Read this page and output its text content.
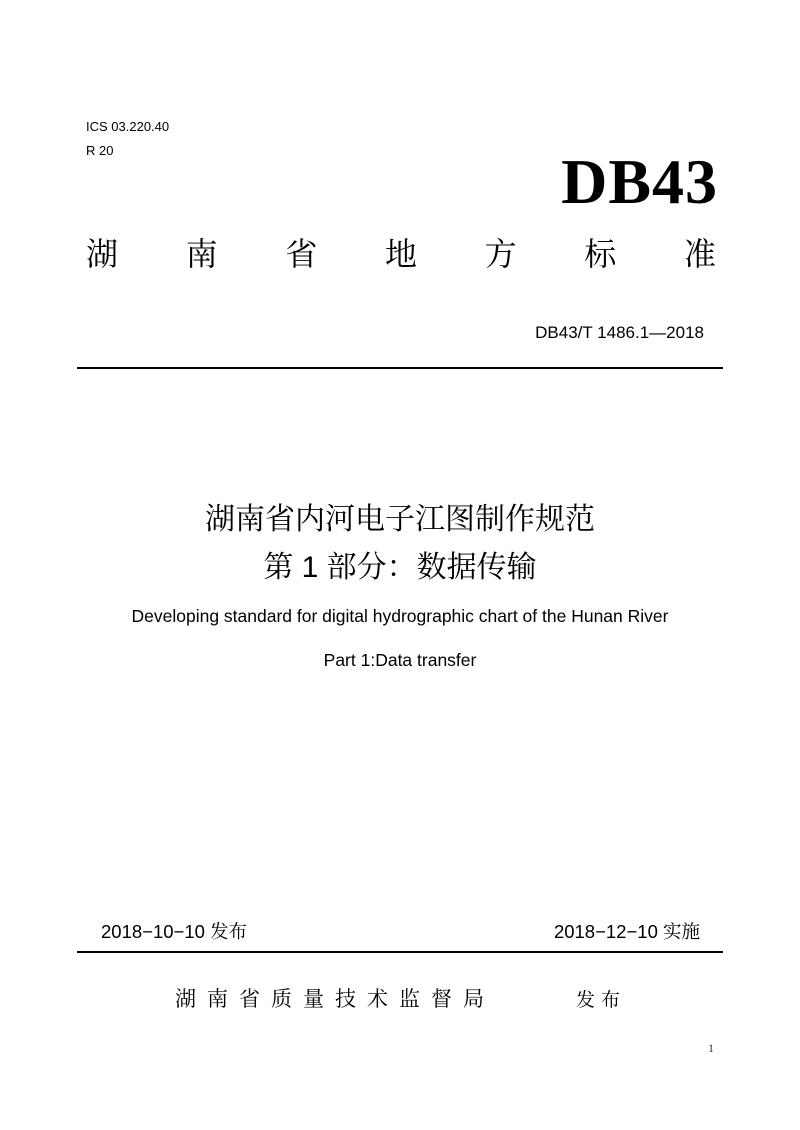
ICS 03.220.40
R 20	DB43
湖 南 省 地 方 标 准
DB43/T 1486.1—2018
湖南省内河电子江图制作规范
第 1 部分：数据传输
Developing standard for digital hydrographic chart of the Hunan River
Part 1:Data transfer
2018−10−10 发布	2018−12−10 实施
湖南省质量技术监督局	发布
1
